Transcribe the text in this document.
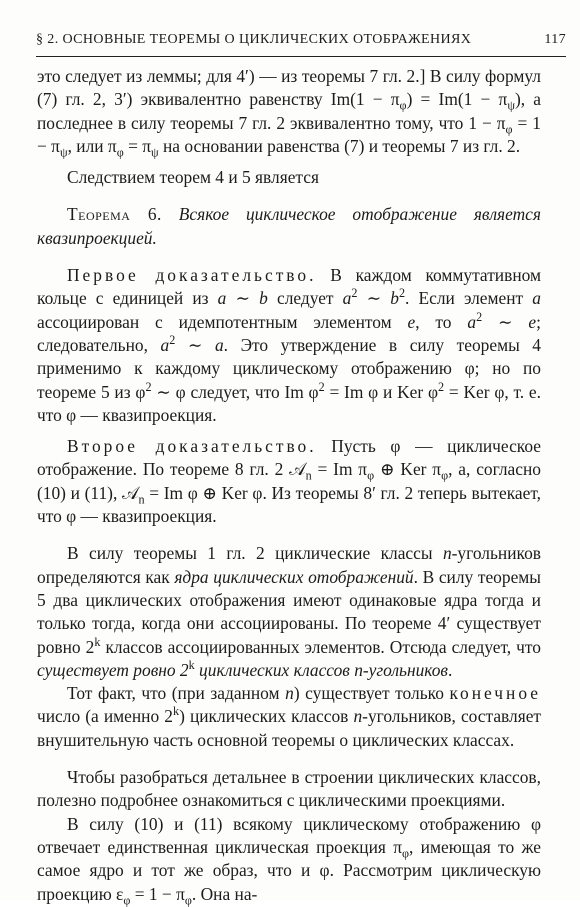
§ 2. ОСНОВНЫЕ ТЕОРЕМЫ О ЦИКЛИЧЕСКИХ ОТОБРАЖЕНИЯХ	117

это следует из леммы; для 4′) — из теоремы 7 гл. 2.] В силу формул (7) гл. 2, 3′) эквивалентно равенству $Im(1 - \pi_\varphi) = Im(1 - \pi_\psi)$, а последнее в силу теоремы 7 гл. 2 эквивалентно тому, что $1 - \pi_\varphi = 1 - \pi_\psi$, или $\pi_\varphi = \pi_\psi$ на основании равенства (7) и теоремы 7 из гл. 2.

Следствием теорем 4 и 5 является

Теорема 6. Всякое циклическое отображение является квазипроекцией.

Первое доказательство. В каждом коммутативном кольце с единицей из a ∼ b следует $a^2$ ∼ $b^2$. Если элемент a ассоциирован с идемпотентным элементом e, то $a^2$ ∼ e; следовательно, $a^2$ ∼ a. Это утверждение в силу теоремы 4 применимо к каждому циклическому отображению φ; но по теореме 5 из $\varphi^2$ ∼ φ следует, что Im $\varphi^2 = Im$ φ и Ker $\varphi^2$ = Ker φ, т. е. что φ — квазипроекция.

Второе доказательство. Пусть φ — циклическое отображение. По теореме 8 гл. 2 𝒜$_n$ = Im $\pi_\varphi$ ⊕ Ker $\pi_\varphi$, а, согласно (10) и (11), 𝒜$_n$ = Im φ ⊕ Ker φ. Из теоремы 8′ гл. 2 теперь вытекает, что φ — квазипроекция.

В силу теоремы 1 гл. 2 циклические классы n-угольников определяются как ядра циклических отображений. В силу теоремы 5 два циклических отображения имеют одинаковые ядра тогда и только тогда, когда они ассоциированы. По теореме 4′ существует ровно 2$^k$ классов ассоциированных элементов. Отсюда следует, что существует ровно 2$^k$ циклических классов n-угольников.

Тот факт, что (при заданном n) существует только конечное число (а именно 2$^k$) циклических классов n-угольников, составляет внушительную часть основной теоремы о циклических классах.

Чтобы разобраться детальнее в строении циклических классов, полезно подробнее ознакомиться с циклическими проекциями.

В силу (10) и (11) всякому циклическому отображению φ отвечает единственная циклическая проекция $\pi_\varphi$, имеющая то же самое ядро и тот же образ, что и φ. Рассмотрим циклическую проекцию $\varepsilon_\varphi = 1 - \pi_\varphi$. Она на-
